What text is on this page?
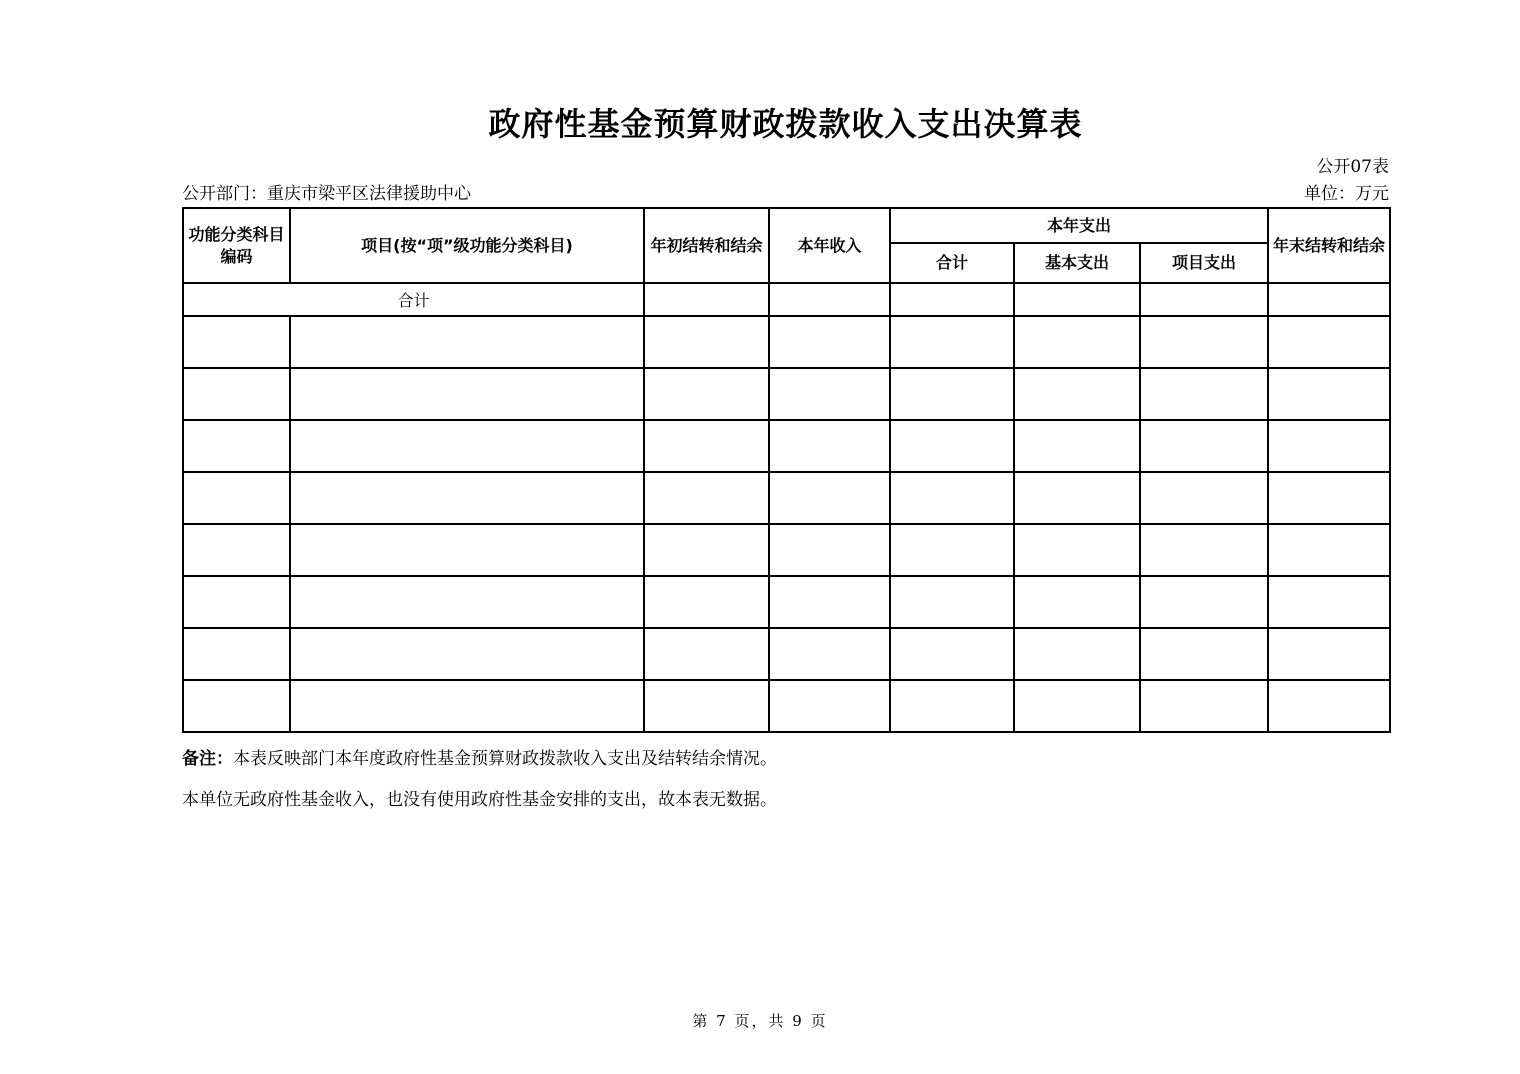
政府性基金预算财政拨款收入支出决算表
公开07表
公开部门：重庆市梁平区法律援助中心	单位：万元
功能分类科目编码	项目(按“项”级功能分类科目)	年初结转和结余	本年收入	本年支出			年末结转和结余
				合计	基本支出	项目支出	
合计							

备注：本表反映部门本年度政府性基金预算财政拨款收入支出及结转结余情况。
本单位无政府性基金收入，也没有使用政府性基金安排的支出，故本表无数据。
第 7 页，共 9 页
